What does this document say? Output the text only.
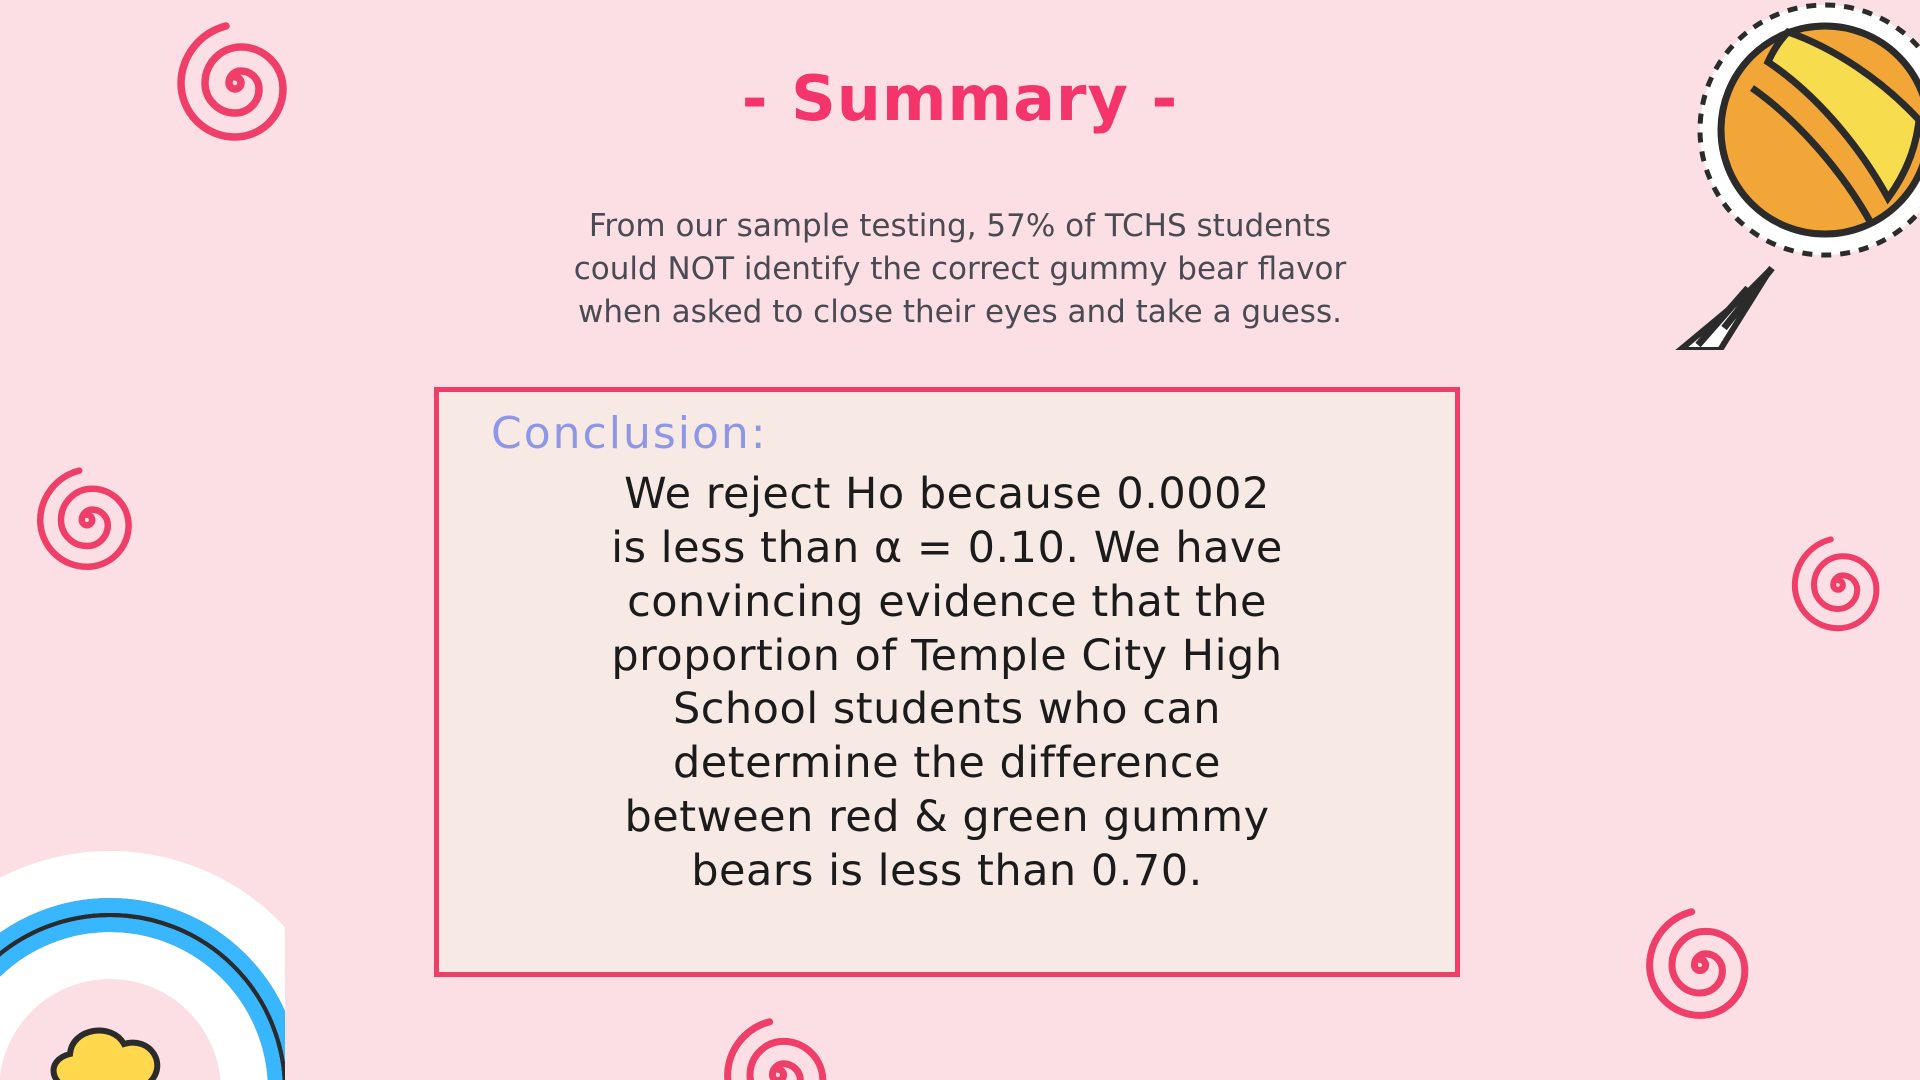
- Summary -
From our sample testing, 57% of TCHS students
could NOT identify the correct gummy bear flavor
when asked to close their eyes and take a guess.
Conclusion:
We reject Ho because 0.0002
is less than α = 0.10. We have
convincing evidence that the
proportion of Temple City High
School students who can
determine the difference
between red & green gummy
bears is less than 0.70.
